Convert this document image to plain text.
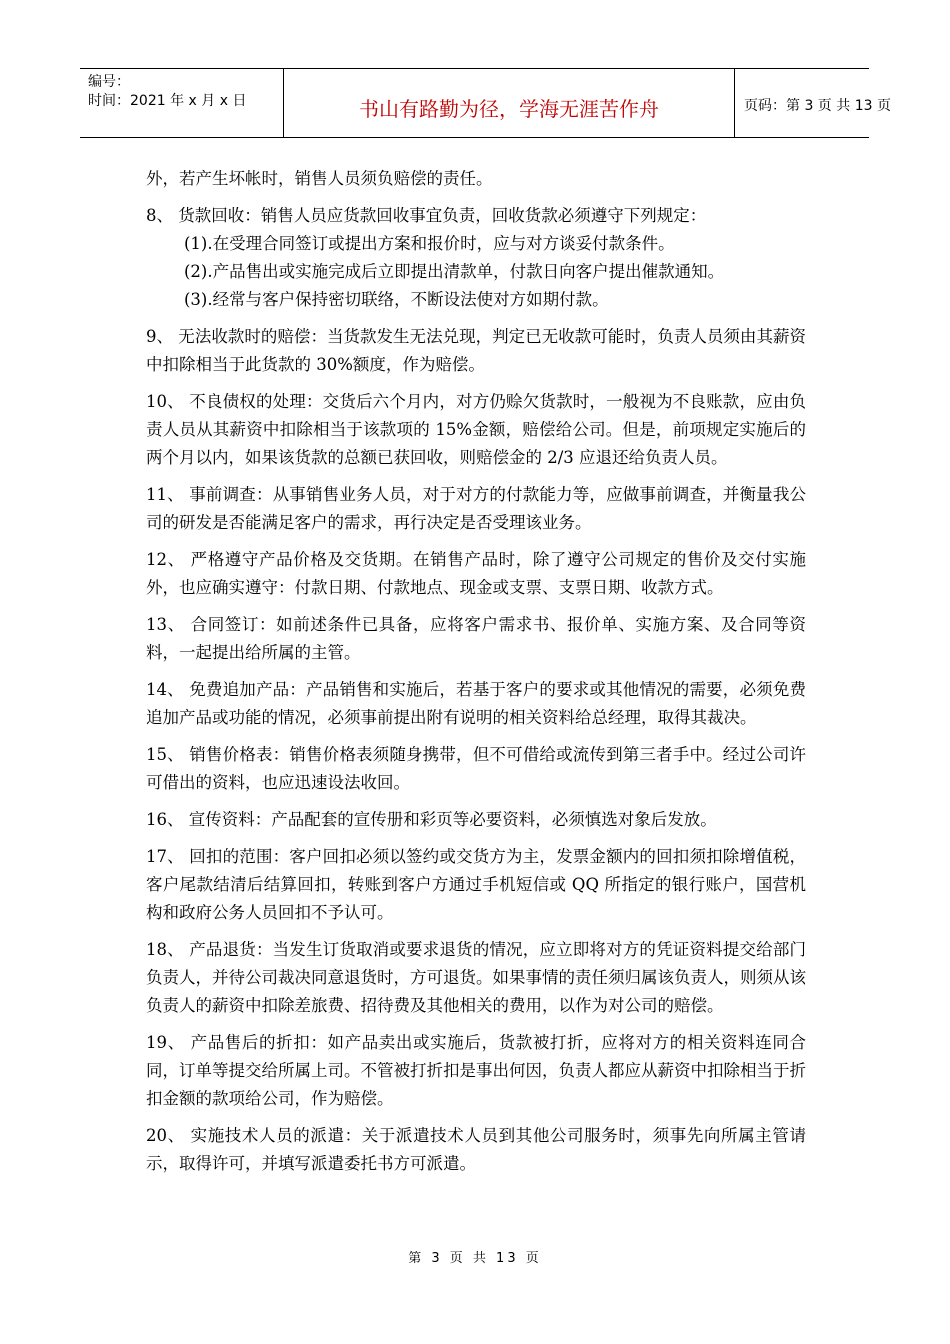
编号：
时间：2021 年 x 月 x 日	书山有路勤为径，学海无涯苦作舟	页码：第 3 页 共 13 页

外，若产生坏帐时，销售人员须负赔偿的责任。

8、 货款回收：销售人员应货款回收事宜负责，回收货款必须遵守下列规定：

(1).在受理合同签订或提出方案和报价时，应与对方谈妥付款条件。

(2).产品售出或实施完成后立即提出清款单，付款日向客户提出催款通知。

(3).经常与客户保持密切联络，不断设法使对方如期付款。

9、 无法收款时的赔偿：当货款发生无法兑现，判定已无收款可能时，负责人员须由其薪资中扣除相当于此货款的 30%额度，作为赔偿。

10、 不良债权的处理：交货后六个月内，对方仍赊欠货款时，一般视为不良账款，应由负责人员从其薪资中扣除相当于该款项的 15%金额，赔偿给公司。但是，前项规定实施后的两个月以内，如果该货款的总额已获回收，则赔偿金的 2/3 应退还给负责人员。

11、 事前调查：从事销售业务人员，对于对方的付款能力等，应做事前调查，并衡量我公司的研发是否能满足客户的需求，再行决定是否受理该业务。

12、 严格遵守产品价格及交货期。在销售产品时，除了遵守公司规定的售价及交付实施外，也应确实遵守：付款日期、付款地点、现金或支票、支票日期、收款方式。

13、 合同签订：如前述条件已具备，应将客户需求书、报价单、实施方案、及合同等资料，一起提出给所属的主管。

14、 免费追加产品：产品销售和实施后，若基于客户的要求或其他情况的需要，必须免费追加产品或功能的情况，必须事前提出附有说明的相关资料给总经理，取得其裁决。

15、 销售价格表：销售价格表须随身携带，但不可借给或流传到第三者手中。经过公司许可借出的资料，也应迅速设法收回。

16、 宣传资料：产品配套的宣传册和彩页等必要资料，必须慎选对象后发放。

17、 回扣的范围：客户回扣必须以签约或交货方为主，发票金额内的回扣须扣除增值税，客户尾款结清后结算回扣，转账到客户方通过手机短信或 QQ 所指定的银行账户，国营机构和政府公务人员回扣不予认可。

18、 产品退货：当发生订货取消或要求退货的情况，应立即将对方的凭证资料提交给部门负责人，并待公司裁决同意退货时，方可退货。如果事情的责任须归属该负责人，则须从该负责人的薪资中扣除差旅费、招待费及其他相关的费用，以作为对公司的赔偿。

19、 产品售后的折扣：如产品卖出或实施后，货款被打折，应将对方的相关资料连同合同，订单等提交给所属上司。不管被打折扣是事出何因，负责人都应从薪资中扣除相当于折扣金额的款项给公司，作为赔偿。

20、 实施技术人员的派遣：关于派遣技术人员到其他公司服务时，须事先向所属主管请示，取得许可，并填写派遣委托书方可派遣。

第 3 页 共 13 页
